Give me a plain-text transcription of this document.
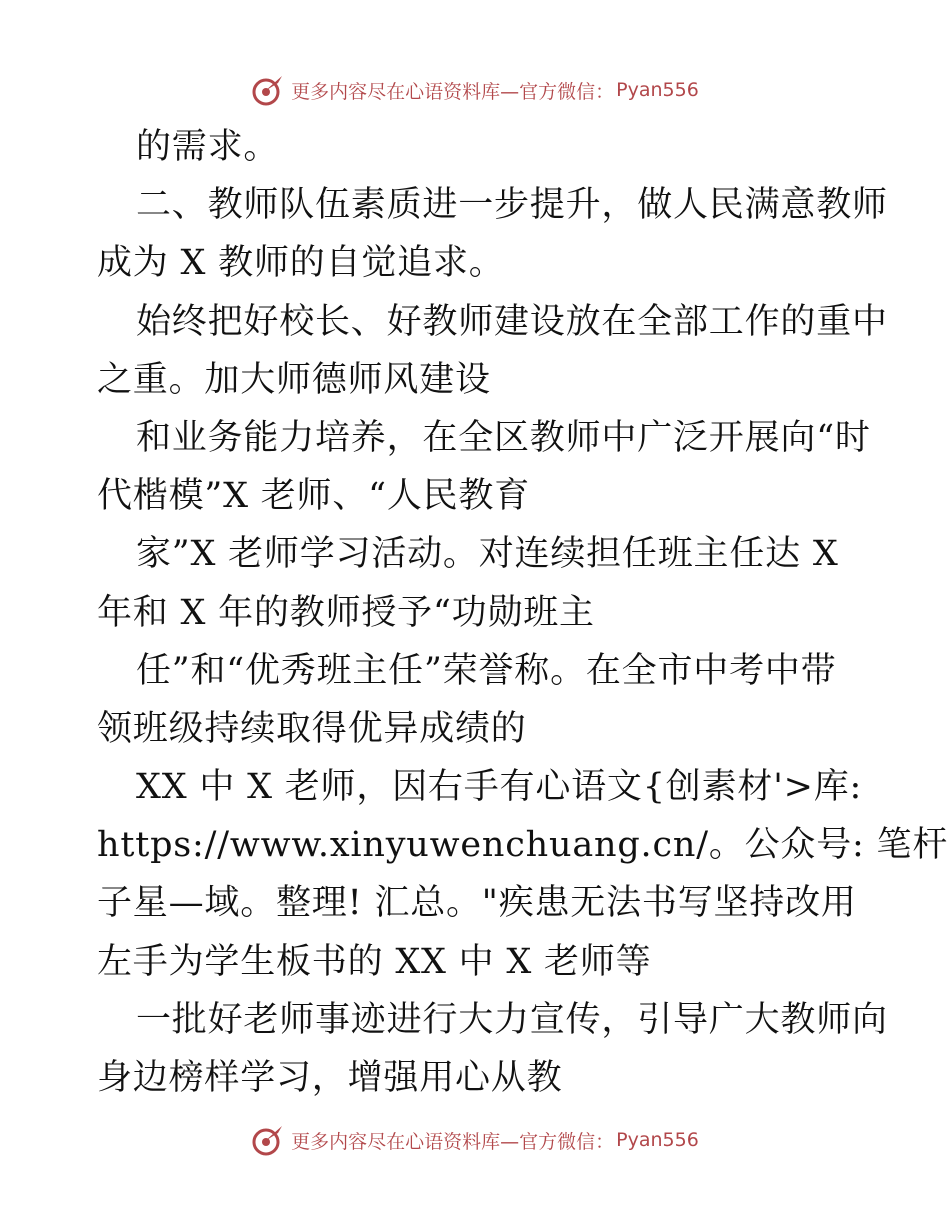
更多内容尽在心语资料库—官方微信： Pyan556
的需求。
二、教师队伍素质进一步提升，做人民满意教师
成为 X 教师的自觉追求。
始终把好校长、好教师建设放在全部工作的重中
之重。加大师德师风建设
和业务能力培养，在全区教师中广泛开展向“时
代楷模”X 老师、“人民教育
家”X 老师学习活动。对连续担任班主任达 X
年和 X 年的教师授予“功勋班主
任”和“优秀班主任”荣誉称。在全市中考中带
领班级持续取得优异成绩的
XX 中 X 老师，因右手有心语文{创素材'>库:
https://www.xinyuwenchuang.cn/。公众号: 笔杆
子星—域。整理! 汇总。"疾患无法书写坚持改用
左手为学生板书的 XX 中 X 老师等
一批好老师事迹进行大力宣传，引导广大教师向
身边榜样学习，增强用心从教
更多内容尽在心语资料库—官方微信： Pyan556
